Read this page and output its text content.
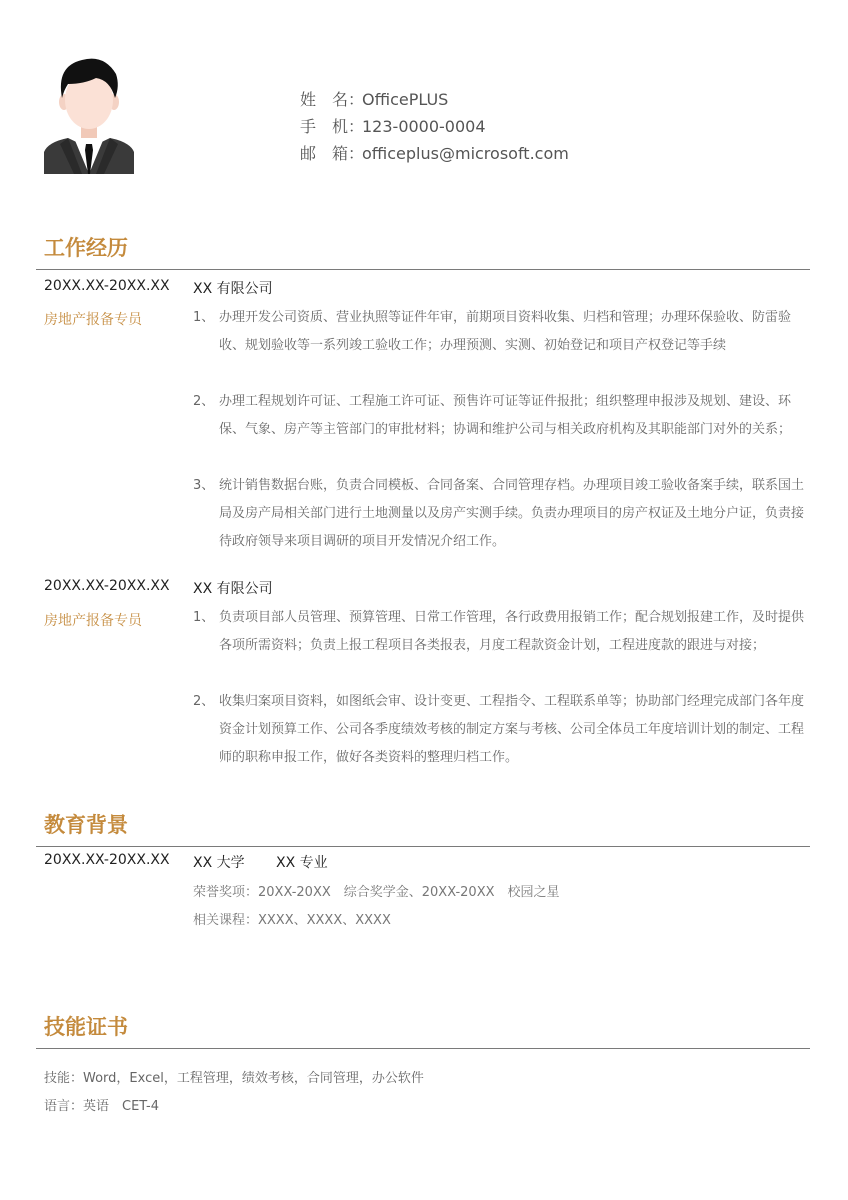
姓　名：
OfficePLUS
手　机：
123-0000-0004
邮　箱：
officeplus@microsoft.com
工作经历
20XX.XX-20XX.XX XX 有限公司
房地产报备专员	1、 办理开发公司资质、营业执照等证件年审，前期项目资料收集、归档和管理；办理环保验收、防雷验收、规划验收等一系列竣工验收工作；办理预测、实测、初始登记和项目产权登记等手续
2、 办理工程规划许可证、工程施工许可证、预售许可证等证件报批；组织整理申报涉及规划、建设、环保、气象、房产等主管部门的审批材料；协调和维护公司与相关政府机构及其职能部门对外的关系；
3、 统计销售数据台账，负责合同模板、合同备案、合同管理存档。办理项目竣工验收备案手续，联系国土局及房产局相关部门进行土地测量以及房产实测手续。负责办理项目的房产权证及土地分户证，负责接待政府领导来项目调研的项目开发情况介绍工作。
20XX.XX-20XX.XX XX 有限公司
房地产报备专员	1、 负责项目部人员管理、预算管理、日常工作管理，各行政费用报销工作；配合规划报建工作，及时提供各项所需资料；负责上报工程项目各类报表，月度工程款资金计划，工程进度款的跟进与对接；
2、 收集归案项目资料，如图纸会审、设计变更、工程指令、工程联系单等；协助部门经理完成部门各年度资金计划预算工作、公司各季度绩效考核的制定方案与考核、公司全体员工年度培训计划的制定、工程师的职称申报工作，做好各类资料的整理归档工作。
教育背景
20XX.XX-20XX.XX XX 大学 XX 专业
荣誉奖项：20XX-20XX　综合奖学金、20XX-20XX　校园之星
相关课程：XXXX、XXXX、XXXX
技能证书
技能：Word，Excel，工程管理，绩效考核，合同管理，办公软件
语言：英语　CET-4
